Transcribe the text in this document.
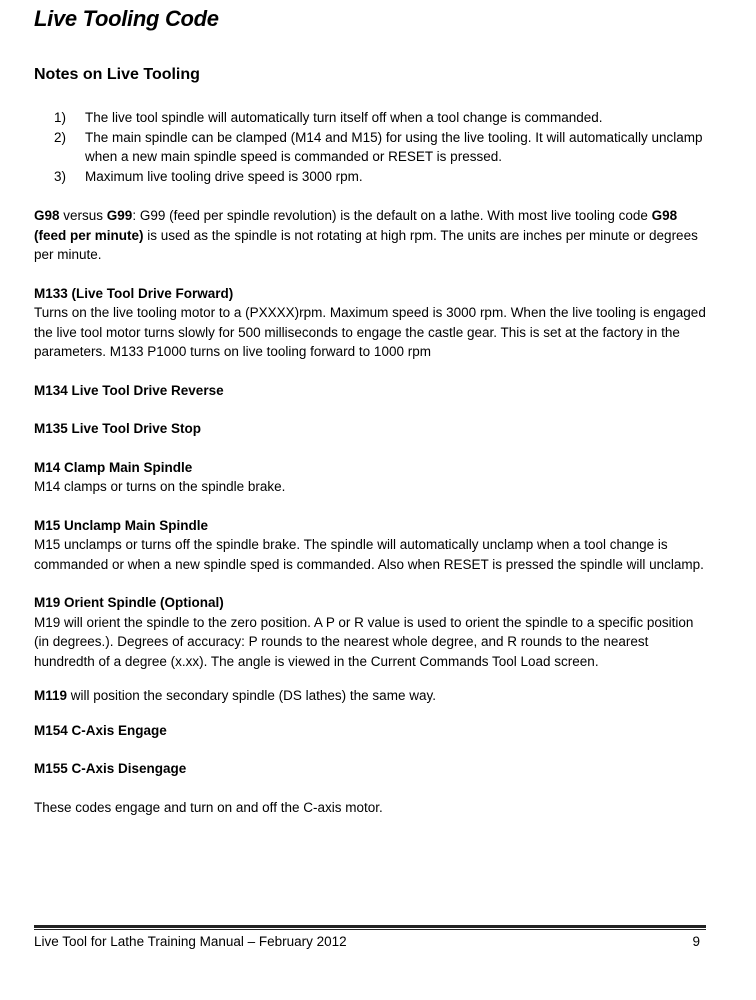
Live Tooling Code
Notes on Live Tooling
1)	The live tool spindle will automatically turn itself off when a tool change is commanded.
2)	The main spindle can be clamped (M14 and M15) for using the live tooling. It will automatically unclamp when a new main spindle speed is commanded or RESET is pressed.
3)	Maximum live tooling drive speed is 3000 rpm.

G98 versus G99: G99 (feed per spindle revolution) is the default on a lathe. With most live tooling code G98 (feed per minute) is used as the spindle is not rotating at high rpm. The units are inches per minute or degrees per minute.

M133 (Live Tool Drive Forward)
Turns on the live tooling motor to a (PXXXX)rpm. Maximum speed is 3000 rpm. When the live tooling is engaged the live tool motor turns slowly for 500 milliseconds to engage the castle gear. This is set at the factory in the parameters. M133 P1000 turns on live tooling forward to 1000 rpm
M134 Live Tool Drive Reverse
M135 Live Tool Drive Stop
M14 Clamp Main Spindle
M14 clamps or turns on the spindle brake.
M15 Unclamp Main Spindle
M15 unclamps or turns off the spindle brake. The spindle will automatically unclamp when a tool change is commanded or when a new spindle sped is commanded. Also when RESET is pressed the spindle will unclamp.
M19 Orient Spindle (Optional)
M19 will orient the spindle to the zero position. A P or R value is used to orient the spindle to a specific position (in degrees.). Degrees of accuracy: P rounds to the nearest whole degree, and R rounds to the nearest hundredth of a degree (x.xx). The angle is viewed in the Current Commands Tool Load screen.

M119 will position the secondary spindle (DS lathes) the same way.

M154 C-Axis Engage
M155 C-Axis Disengage

These codes engage and turn on and off the C-axis motor.

Live Tool for Lathe Training Manual – February 2012	9
